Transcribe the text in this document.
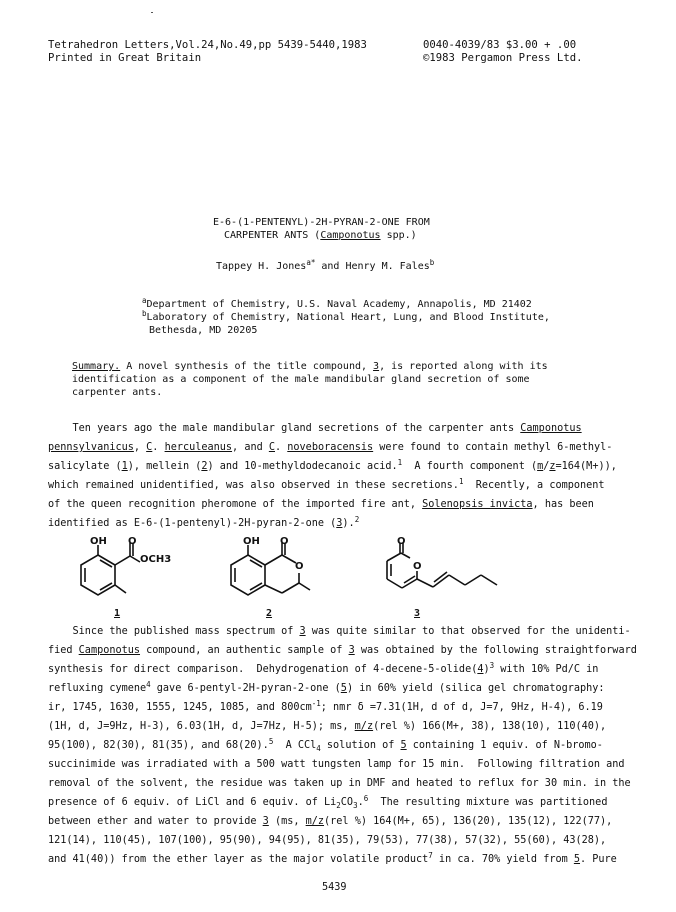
Tetrahedron Letters,Vol.24,No.49,pp 5439-5440,1983	0040-4039/83 $3.00 + .00
Printed in Great Britain	©1983 Pergamon Press Ltd.
E-6-(1-PENTENYL)-2H-PYRAN-2-ONE FROM
CARPENTER ANTS (Camponotus spp.)
Tappey H. Jones$^{a*}$ and Henry M. Fales$^b$
$^a$Department of Chemistry, U.S. Naval Academy, Annapolis, MD 21402
$^b$Laboratory of Chemistry, National Heart, Lung, and Blood Institute,
Bethesda, MD 20205
Summary. A novel synthesis of the title compound, 3, is reported along with its
identification as a component of the male mandibular gland secretion of some
carpenter ants.
Ten years ago the male mandibular gland secretions of the carpenter ants Camponotus
pennsylvanicus, C. herculeanus, and C. noveboracensis were found to contain methyl 6-methyl-
salicylate (1), mellein (2) and 10-methyldodecanoic acid.$^1$  A fourth component (m/z=164(M+)),
which remained unidentified, was also observed in these secretions.$^1$  Recently, a component
of the queen recognition pheromone of the imported fire ant, Solenopsis invicta, has been
identified as E-6-(1-pentenyl)-2H-pyran-2-one (3).$^2$
OH O
OCH3
1
OH O
O
2
O
O
3
Since the published mass spectrum of 3 was quite similar to that observed for the unidenti-
fied Camponotus compound, an authentic sample of 3 was obtained by the following straightforward
synthesis for direct comparison.  Dehydrogenation of $4-decene-5-olide(4)^3$ with 10% Pd/C in
refluxing cymene$^4$ gave 6-pentyl-2H-pyran-2-one (5) in 60% yield (silica gel chromatography:
ir, 1745, 1630, 1555, 1245, 1085, and $800cm^{-1}$; nmr δ =7.31(1H, d of d, J=7, 9Hz, H-4), 6.19
(1H, d, J=9Hz, H-3), 6.03(1H, d, J=7Hz, H-5); ms, m/z(rel %) 166(M+, 38), 138(10), 110(40),
95(100), 82(30), 81(35), and 68(20).$^5$  A CCl$_4$ solution of 5 containing 1 equiv. of N-bromo-
succinimide was irradiated with a 500 watt tungsten lamp for 15 min.  Following filtration and
removal of the solvent, the residue was taken up in DMF and heated to reflux for 30 min. in the
presence of 6 equiv. of LiCl and 6 equiv. of $Li_2CO_3.^6$  The resulting mixture was partitioned
between ether and water to provide 3 (ms, m/z(rel %) 164(M+, 65), 136(20), 135(12), 122(77),
121(14), 110(45), 107(100), 95(90), 94(95), 81(35), 79(53), 77(38), 57(32), 55(60), 43(28),
and 41(40)) from the ether layer as the major volatile product$^7$ in ca. 70% yield from 5. Pure
5439
